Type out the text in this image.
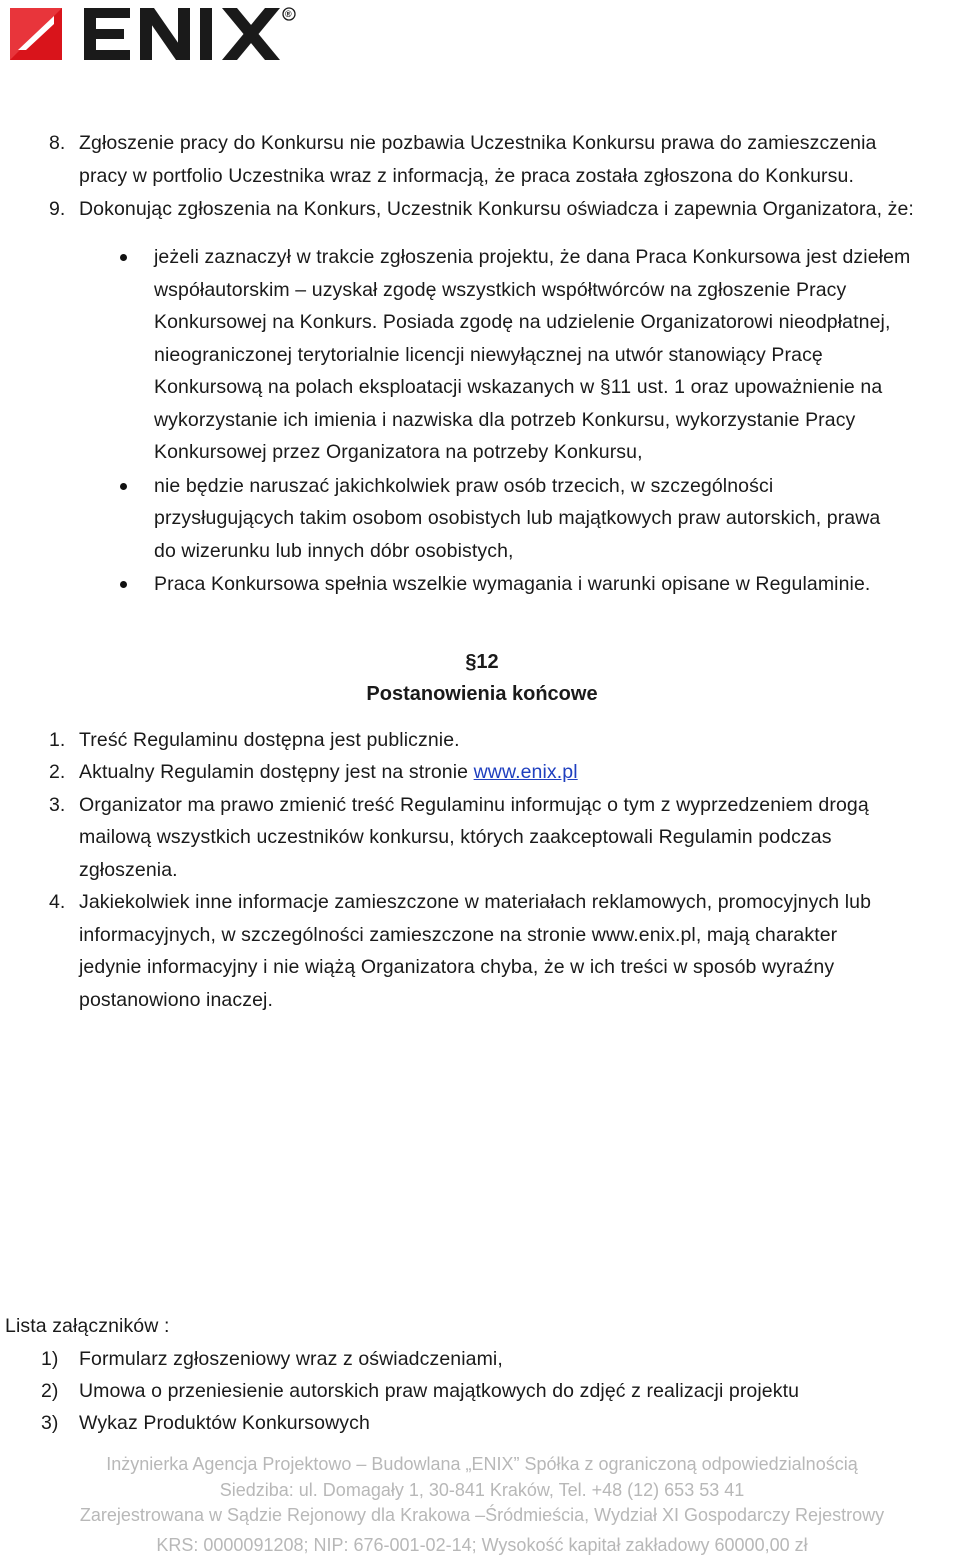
®
8. Zgłoszenie pracy do Konkursu nie pozbawia Uczestnika Konkursu prawa do zamieszczenia
pracy w portfolio Uczestnika wraz z informacją, że praca została zgłoszona do Konkursu.
9. Dokonując zgłoszenia na Konkurs, Uczestnik Konkursu oświadcza i zapewnia Organizatora, że:
jeżeli zaznaczył w trakcie zgłoszenia projektu, że dana Praca Konkursowa jest dziełem
współautorskim – uzyskał zgodę wszystkich współtwórców na zgłoszenie Pracy
Konkursowej na Konkurs. Posiada zgodę na udzielenie Organizatorowi nieodpłatnej,
nieograniczonej terytorialnie licencji niewyłącznej na utwór stanowiący Pracę
Konkursową na polach eksploatacji wskazanych w §11 ust. 1 oraz upoważnienie na
wykorzystanie ich imienia i nazwiska dla potrzeb Konkursu, wykorzystanie Pracy
Konkursowej przez Organizatora na potrzeby Konkursu,
nie będzie naruszać jakichkolwiek praw osób trzecich, w szczególności
przysługujących takim osobom osobistych lub majątkowych praw autorskich, prawa
do wizerunku lub innych dóbr osobistych,
Praca Konkursowa spełnia wszelkie wymagania i warunki opisane w Regulaminie.
§12
Postanowienia końcowe
1. Treść Regulaminu dostępna jest publicznie.
2. Aktualny Regulamin dostępny jest na stronie www.enix.pl
3. Organizator ma prawo zmienić treść Regulaminu informując o tym z wyprzedzeniem drogą
mailową wszystkich uczestników konkursu, których zaakceptowali Regulamin podczas
zgłoszenia.
4. Jakiekolwiek inne informacje zamieszczone w materiałach reklamowych, promocyjnych lub
informacyjnych, w szczególności zamieszczone na stronie www.enix.pl, mają charakter
jedynie informacyjny i nie wiążą Organizatora chyba, że w ich treści w sposób wyraźny
postanowiono inaczej.
Lista załączników :
1) Formularz zgłoszeniowy wraz z oświadczeniami,
2) Umowa o przeniesienie autorskich praw majątkowych do zdjęć z realizacji projektu
3) Wykaz Produktów Konkursowych
Inżynierka Agencja Projektowo – Budowlana „ENIX” Spółka z ograniczoną odpowiedzialnością
Siedziba: ul. Domagały 1, 30-841 Kraków, Tel. +48 (12) 653 53 41
Zarejestrowana w Sądzie Rejonowy dla Krakowa –Śródmieścia, Wydział XI Gospodarczy Rejestrowy
KRS: 0000091208; NIP: 676-001-02-14; Wysokość kapitał zakładowy 60000,00 zł
